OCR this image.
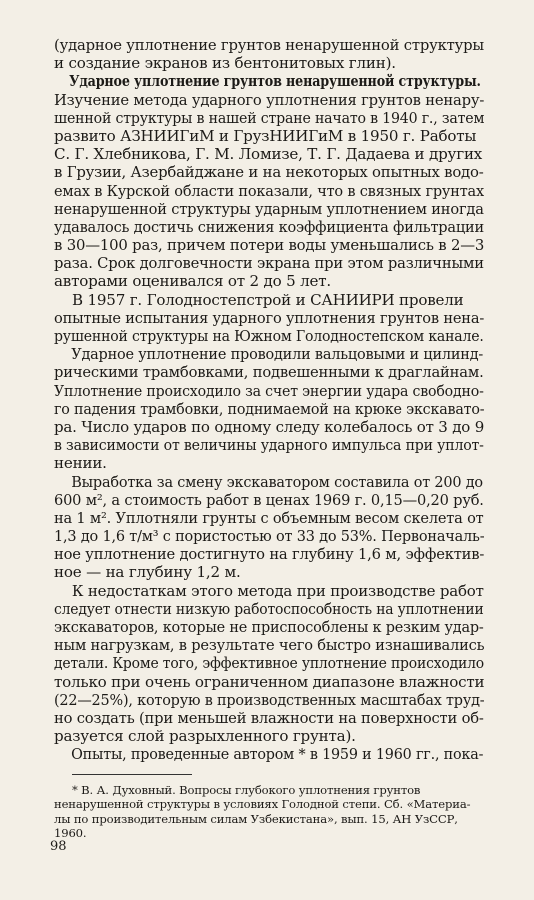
(ударное уплотнение грунтов ненарушенной структуры
и создание экранов из бентонитовых глин).
Ударное уплотнение грунтов ненарушенной структуры.
Изучение метода ударного уплотнения грунтов ненару-
шенной структуры в нашей стране начато в 1940 г., затем
развито АЗНИИГиМ и ГрузНИИГиМ в 1950 г. Работы
С. Г. Хлебникова, Г. М. Ломизе, Т. Г. Дадаева и других
в Грузии, Азербайджане и на некоторых опытных водо-
емах в Курской области показали, что в связных грунтах
ненарушенной структуры ударным уплотнением иногда
удавалось достичь снижения коэффициента фильтрации
в 30—100 раз, причем потери воды уменьшались в 2—3
раза. Срок долговечности экрана при этом различными
авторами оценивался от 2 до 5 лет.
В 1957 г. Голодностепстрой и САНИИРИ провели
опытные испытания ударного уплотнения грунтов нена-
рушенной структуры на Южном Голодностепском канале.
Ударное уплотнение проводили вальцовыми и цилинд-
рическими трамбовками, подвешенными к драглайнам.
Уплотнение происходило за счет энергии удара свободно-
го падения трамбовки, поднимаемой на крюке экскавато-
ра. Число ударов по одному следу колебалось от 3 до 9
в зависимости от величины ударного импульса при уплот-
нении.
Выработка за смену экскаватором составила от 200 до
600 м², а стоимость работ в ценах 1969 г. 0,15—0,20 руб.
на 1 м². Уплотняли грунты с объемным весом скелета от
1,3 до 1,6 т/м³ с пористостью от 33 до 53%. Первоначаль-
ное уплотнение достигнуто на глубину 1,6 м, эффектив-
ное — на глубину 1,2 м.
К недостаткам этого метода при производстве работ
следует отнести низкую работоспособность на уплотнении
экскаваторов, которые не приспособлены к резким удар-
ным нагрузкам, в результате чего быстро изнашивались
детали. Кроме того, эффективное уплотнение происходило
только при очень ограниченном диапазоне влажности
(22—25%), которую в производственных масштабах труд-
но создать (при меньшей влажности на поверхности об-
разуется слой разрыхленного грунта).
Опыты, проведенные автором * в 1959 и 1960 гг., пока-
* В. А. Духовный. Вопросы глубокого уплотнения грунтов
ненарушенной структуры в условиях Голодной степи. Сб. «Материа-
лы по производительным силам Узбекистана», вып. 15, АН УзССР,
1960.
98
